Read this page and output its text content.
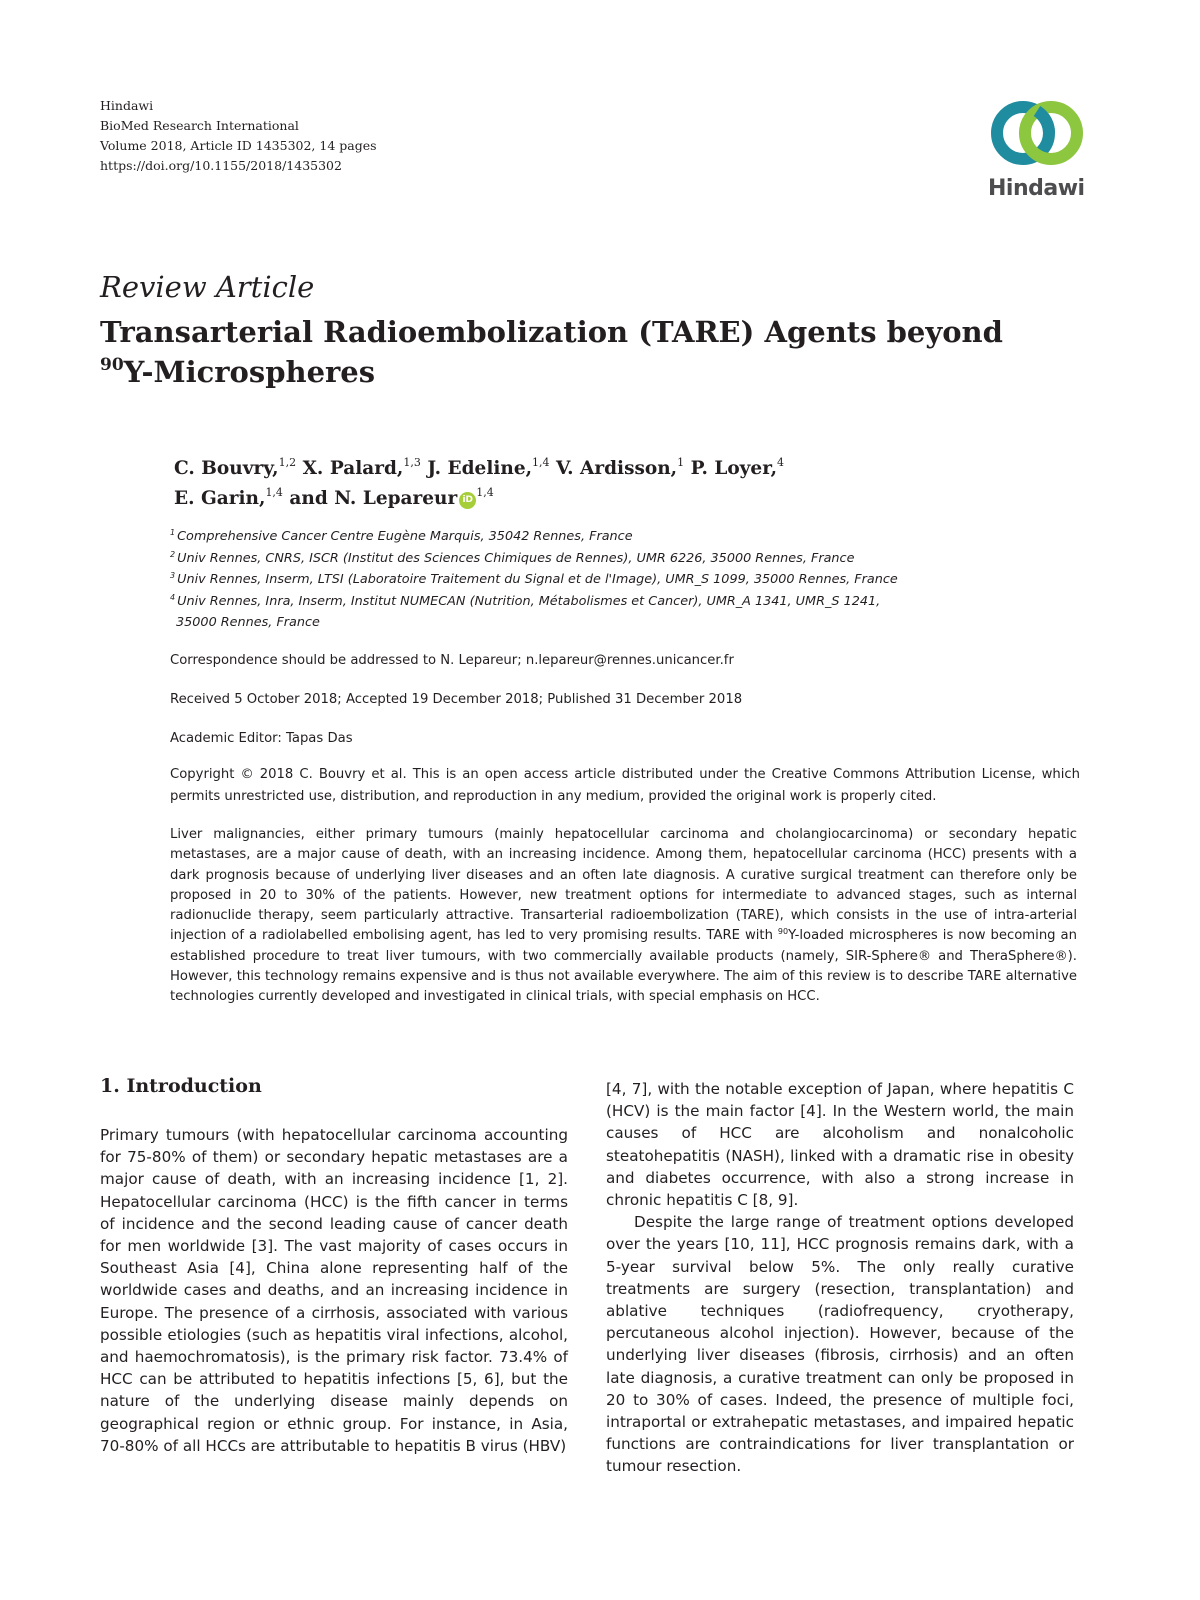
Hindawi
BioMed Research International
Volume 2018, Article ID 1435302, 14 pages
https://doi.org/10.1155/2018/1435302
Hindawi
Review Article
Transarterial Radioembolization (TARE) Agents beyond
$^{90}$Y-Microspheres
C. Bouvry,$^{1,2}$ X. Palard,$^{1,3}$ J. Edeline,$^{1,4}$ V. Ardisson,$^1$ P. Loyer,$^4$
E. Garin,$^{1,4}$ and N. Lepareur iD$^{1,4}$
$^1$ Comprehensive Cancer Centre Eugène Marquis, 35042 Rennes, France
$^2$ Univ Rennes, CNRS, ISCR (Institut des Sciences Chimiques de Rennes), UMR 6226, 35000 Rennes, France
$^3$ Univ Rennes, Inserm, LTSI (Laboratoire Traitement du Signal et de l'Image), UMR_S 1099, 35000 Rennes, France
$^4$ Univ Rennes, Inra, Inserm, Institut NUMECAN (Nutrition, Métabolismes et Cancer), UMR_A 1341, UMR_S 1241,
35000 Rennes, France
Correspondence should be addressed to N. Lepareur; n.lepareur@rennes.unicancer.fr
Received 5 October 2018; Accepted 19 December 2018; Published 31 December 2018
Academic Editor: Tapas Das
Copyright © 2018 C. Bouvry et al. This is an open access article distributed under the Creative Commons Attribution License, which permits unrestricted use, distribution, and reproduction in any medium, provided the original work is properly cited.
Liver malignancies, either primary tumours (mainly hepatocellular carcinoma and cholangiocarcinoma) or secondary hepatic metastases, are a major cause of death, with an increasing incidence. Among them, hepatocellular carcinoma (HCC) presents with a dark prognosis because of underlying liver diseases and an often late diagnosis. A curative surgical treatment can therefore only be proposed in 20 to 30% of the patients. However, new treatment options for intermediate to advanced stages, such as internal radionuclide therapy, seem particularly attractive. Transarterial radioembolization (TARE), which consists in the use of intra-arterial injection of a radiolabelled embolising agent, has led to very promising results. TARE with $^{90}$Y-loaded microspheres is now becoming an established procedure to treat liver tumours, with two commercially available products (namely, SIR-Sphere® and TheraSphere®). However, this technology remains expensive and is thus not available everywhere. The aim of this review is to describe TARE alternative technologies currently developed and investigated in clinical trials, with special emphasis on HCC.
1. Introduction

Primary tumours (with hepatocellular carcinoma accounting for 75-80% of them) or secondary hepatic metastases are a major cause of death, with an increasing incidence [1, 2]. Hepatocellular carcinoma (HCC) is the fifth cancer in terms of incidence and the second leading cause of cancer death for men worldwide [3]. The vast majority of cases occurs in Southeast Asia [4], China alone representing half of the worldwide cases and deaths, and an increasing incidence in Europe. The presence of a cirrhosis, associated with various possible etiologies (such as hepatitis viral infections, alcohol, and haemochromatosis), is the primary risk factor. 73.4% of HCC can be attributed to hepatitis infections [5, 6], but the nature of the underlying disease mainly depends on geographical region or ethnic group. For instance, in Asia, 70-80% of all HCCs are attributable to hepatitis B virus (HBV)

[4, 7], with the notable exception of Japan, where hepatitis C (HCV) is the main factor [4]. In the Western world, the main causes of HCC are alcoholism and nonalcoholic steatohepatitis (NASH), linked with a dramatic rise in obesity and diabetes occurrence, with also a strong increase in chronic hepatitis C [8, 9].

Despite the large range of treatment options developed over the years [10, 11], HCC prognosis remains dark, with a 5-year survival below 5%. The only really curative treatments are surgery (resection, transplantation) and ablative techniques (radiofrequency, cryotherapy, percutaneous alcohol injection). However, because of the underlying liver diseases (fibrosis, cirrhosis) and an often late diagnosis, a curative treatment can only be proposed in 20 to 30% of cases. Indeed, the presence of multiple foci, intraportal or extrahepatic metastases, and impaired hepatic functions are contraindications for liver transplantation or tumour resection.
